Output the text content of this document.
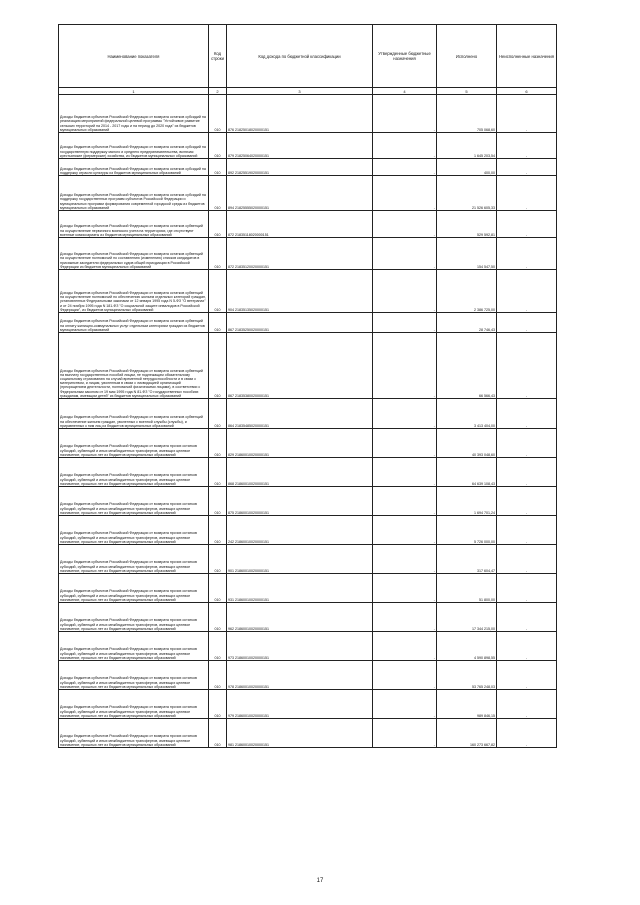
Наименование показателя	Код строки	Код дохода по бюджетной классификации	Утвержденные бюджетные назначения	Исполнено	Неисполненные назначения
1	2	3	4	5	6
Доходы бюджетов субъектов Российской Федерации от возврата остатков субсидий на реализацию мероприятий федеральной целевой программы "Устойчивое развитие сельских территорий на 2014 - 2017 годы и на период до 2020 года" из бюджетов муниципальных образований	010	876 21825018020000151	-	705 068,60	-
Доходы бюджетов субъектов Российской Федерации от возврата остатков субсидий на государственную поддержку малого и среднего предпринимательства, включая крестьянские (фермерские) хозяйства, из бюджетов муниципальных образований	010	879 21825064020000151	-	1 645 203,54	-
Доходы бюджетов субъектов Российской Федерации от возврата остатков субсидий на поддержку отрасли культуры из бюджетов муниципальных образований	010	892 21825519020000151	-	400,00	-
Доходы бюджетов субъектов Российской Федерации от возврата остатков субсидий на поддержку государственных программ субъектов Российской Федерации и муниципальных программ формирования современной городской среды из бюджетов муниципальных образований	010	894 21825555020000151	-	21 526 605,33	-
Доходы бюджетов субъектов Российской Федерации от возврата остатков субвенций на осуществление первичного воинского учета на территориях, где отсутствуют военные комиссариаты из бюджетов муниципальных образований	010	872 21835118020000151	-	529 592,81	-
Доходы бюджетов субъектов Российской Федерации от возврата остатков субвенций на осуществление полномочий по составлению (изменению) списков кандидатов в присяжные заседатели федеральных судов общей юрисдикции в Российской Федерации из бюджетов муниципальных образований	010	872 21835120020000151	-	154 547,50	-
Доходы бюджетов субъектов Российской Федерации от возврата остатков субвенций на осуществление полномочий по обеспечению жильем отдельных категорий граждан, установленных Федеральными законами от 12 января 1995 года N 5-ФЗ "О ветеранах" и от 24 ноября 1995 года N 181-ФЗ "О социальной защите инвалидов в Российской Федерации", из бюджетов муниципальных образований	010	904 21835135020000151	-	2 386 725,00	-
Доходы бюджетов субъектов Российской Федерации от возврата остатков субвенций на оплату жилищно-коммунальных услуг отдельным категориям граждан из бюджетов муниципальных образований	010	867 21835250020000151	-	28 746,43	-
Доходы бюджетов субъектов Российской Федерации от возврата остатков субвенций на выплату государственных пособий лицам, не подлежащим обязательному социальному страхованию на случай временной нетрудоспособности и в связи с материнством, и лицам, уволенным в связи с ликвидацией организаций (прекращением деятельности, полномочий физическими лицами), в соответствии с Федеральным законом от 19 мая 1995 года N 81-ФЗ "О государственных пособиях гражданам, имеющим детей" из бюджетов муниципальных образований	010	867 21835380020000151	-	66 566,43	-
Доходы бюджетов субъектов Российской Федерации от возврата остатков субвенций на обеспечение жильем граждан, уволенных с военной службы (службы), и приравненных к ним лиц из бюджетов муниципальных образований	010	864 21835485020000151	-	3 413 404,00	-
Доходы бюджетов субъектов Российской Федерации от возврата прочих остатков субсидий, субвенций и иных межбюджетных трансфертов, имеющих целевое назначение, прошлых лет из бюджетов муниципальных образований	010	829 21860010020000151	-	40 393 048,60	-
Доходы бюджетов субъектов Российской Федерации от возврата прочих остатков субсидий, субвенций и иных межбюджетных трансфертов, имеющих целевое назначение, прошлых лет из бюджетов муниципальных образований	010	868 21860010020000151	-	64 639 108,43	-
Доходы бюджетов субъектов Российской Федерации от возврата прочих остатков субсидий, субвенций и иных межбюджетных трансфертов, имеющих целевое назначение, прошлых лет из бюджетов муниципальных образований	010	875 21860010020000151	-	1 694 701,24	-
Доходы бюджетов субъектов Российской Федерации от возврата прочих остатков субсидий, субвенций и иных межбюджетных трансфертов, имеющих целевое назначение, прошлых лет из бюджетов муниципальных образований	010	242 21860010020000151	-	5 726 000,00	-
Доходы бюджетов субъектов Российской Федерации от возврата прочих остатков субсидий, субвенций и иных межбюджетных трансфертов, имеющих целевое назначение, прошлых лет из бюджетов муниципальных образований	010	901 21860010020000151	-	317 604,47	-
Доходы бюджетов субъектов Российской Федерации от возврата прочих остатков субсидий, субвенций и иных межбюджетных трансфертов, имеющих целевое назначение, прошлых лет из бюджетов муниципальных образований	010	931 21860010020000151	-	51 800,00	-
Доходы бюджетов субъектов Российской Федерации от возврата прочих остатков субсидий, субвенций и иных межбюджетных трансфертов, имеющих целевое назначение, прошлых лет из бюджетов муниципальных образований	010	962 21860010020000151	-	17 344 215,00	-
Доходы бюджетов субъектов Российской Федерации от возврата прочих остатков субсидий, субвенций и иных межбюджетных трансфертов, имеющих целевое назначение, прошлых лет из бюджетов муниципальных образований	010	973 21860010020000151	-	4 590 898,55	-
Доходы бюджетов субъектов Российской Федерации от возврата прочих остатков субсидий, субвенций и иных межбюджетных трансфертов, имеющих целевое назначение, прошлых лет из бюджетов муниципальных образований	010	978 21860010020000151	-	53 765 248,03	-
Доходы бюджетов субъектов Российской Федерации от возврата прочих остатков субсидий, субвенций и иных межбюджетных трансфертов, имеющих целевое назначение, прошлых лет из бюджетов муниципальных образований	010	979 21860010020000151	-	989 846,15	-
Доходы бюджетов субъектов Российской Федерации от возврата прочих остатков субсидий, субвенций и иных межбюджетных трансфертов, имеющих целевое назначение, прошлых лет из бюджетов муниципальных образований	010	981 21860010020000151	-	160 273 667,82	-
17
